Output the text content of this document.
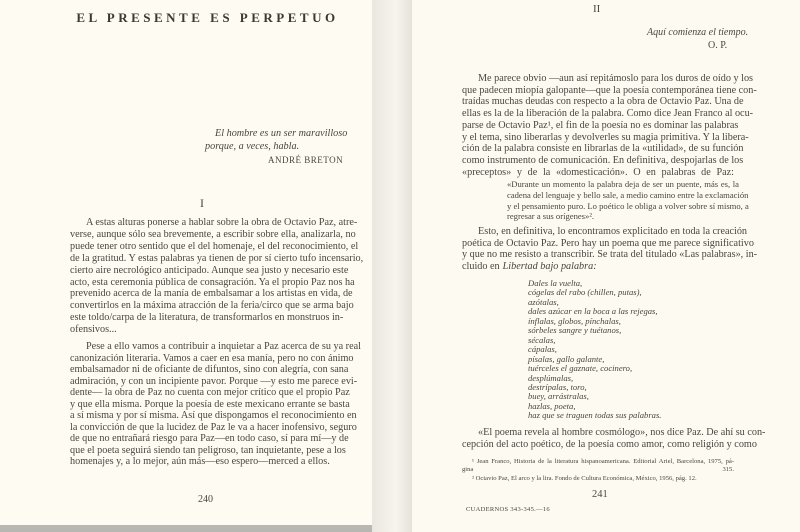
EL PRESENTE ES PERPETUO
El hombre es un ser maravilloso
porque, a veces, habla.
ANDRÉ BRETON
I
A estas alturas ponerse a hablar sobre la obra de Octavio Paz, atre-
verse, aunque sólo sea brevemente, a escribir sobre ella, analizarla, no
puede tener otro sentido que el del homenaje, el del reconocimiento, el
de la gratitud. Y estas palabras ya tienen de por sí cierto tufo incensario,
cierto aire necrológico anticipado. Aunque sea justo y necesario este
acto, esta ceremonia pública de consagración. Ya el propio Paz nos ha
prevenido acerca de la manía de embalsamar a los artistas en vida, de
convertirlos en la máxima atracción de la feria/circo que se arma bajo
este toldo/carpa de la literatura, de transformarlos en monstruos in-
ofensivos...
Pese a ello vamos a contribuir a inquietar a Paz acerca de su ya real
canonización literaria. Vamos a caer en esa manía, pero no con ánimo
embalsamador ni de oficiante de difuntos, sino con alegría, con sana
admiración, y con un incipiente pavor. Porque —y esto me parece evi-
dente— la obra de Paz no cuenta con mejor crítico que el propio Paz
y que ella misma. Porque la poesía de este mexicano errante se basta
a sí misma y por sí misma. Así que dispongamos el reconocimiento en
la convicción de que la lucidez de Paz le va a hacer inofensivo, seguro
de que no entrañará riesgo para Paz—en todo caso, sí para mí—y de
que el poeta seguirá siendo tan peligroso, tan inquietante, pese a los
homenajes y, a lo mejor, aún más—eso espero—merced a ellos.
240
II
Aquí comienza el tiempo.
O. P.
Me parece obvio —aun así repitámoslo para los duros de oído y los
que padecen miopía galopante—que la poesía contemporánea tiene con-
traídas muchas deudas con respecto a la obra de Octavio Paz. Una de
ellas es la de la liberación de la palabra. Como dice Jean Franco al ocu-
parse de Octavio Paz¹, el fin de la poesía no es dominar las palabras
y el tema, sino liberarlas y devolverles su magia primitiva. Y la libera-
ción de la palabra consiste en librarlas de la «utilidad», de su función
como instrumento de comunicación. En definitiva, despojarlas de los
«preceptos» y de la «domesticación». O en palabras de Paz:
«Durante un momento la palabra deja de ser un puente, más es, la
cadena del lenguaje y bello sale, a medio camino entre la exclamación
y el pensamiento puro. Lo poético le obliga a volver sobre sí mismo, a
regresar a sus orígenes»².
Esto, en definitiva, lo encontramos explicitado en toda la creación
poética de Octavio Paz. Pero hay un poema que me parece significativo
y que no me resisto a transcribir. Se trata del titulado «Las palabras», in-
cluido en Libertad bajo palabra:
Dales la vuelta,
cógelas del rabo (chillen, putas),
azótalas,
dales azúcar en la boca a las rejegas,
ínflalas, globos, pínchalas,
sórbeles sangre y tuétanos,
sécalas,
cápalas,
písalas, gallo galante,
tuérceles el gaznate, cocinero,
desplúmalas,
destrípalas, toro,
buey, arrástralas,
hazlas, poeta,
haz que se traguen todas sus palabras.
«El poema revela al hombre cosmólogo», nos dice Paz. De ahí su con-
cepción del acto poético, de la poesía como amor, como religión y como
¹ Jean Franco, Historia de la literatura hispanoamericana. Editorial Ariel, Barcelona, 1975, pá-
gina 315.
² Octavio Paz, El arco y la lira. Fondo de Cultura Económica, México, 1956, pág. 12.
241
CUADERNOS 343-345.—16
